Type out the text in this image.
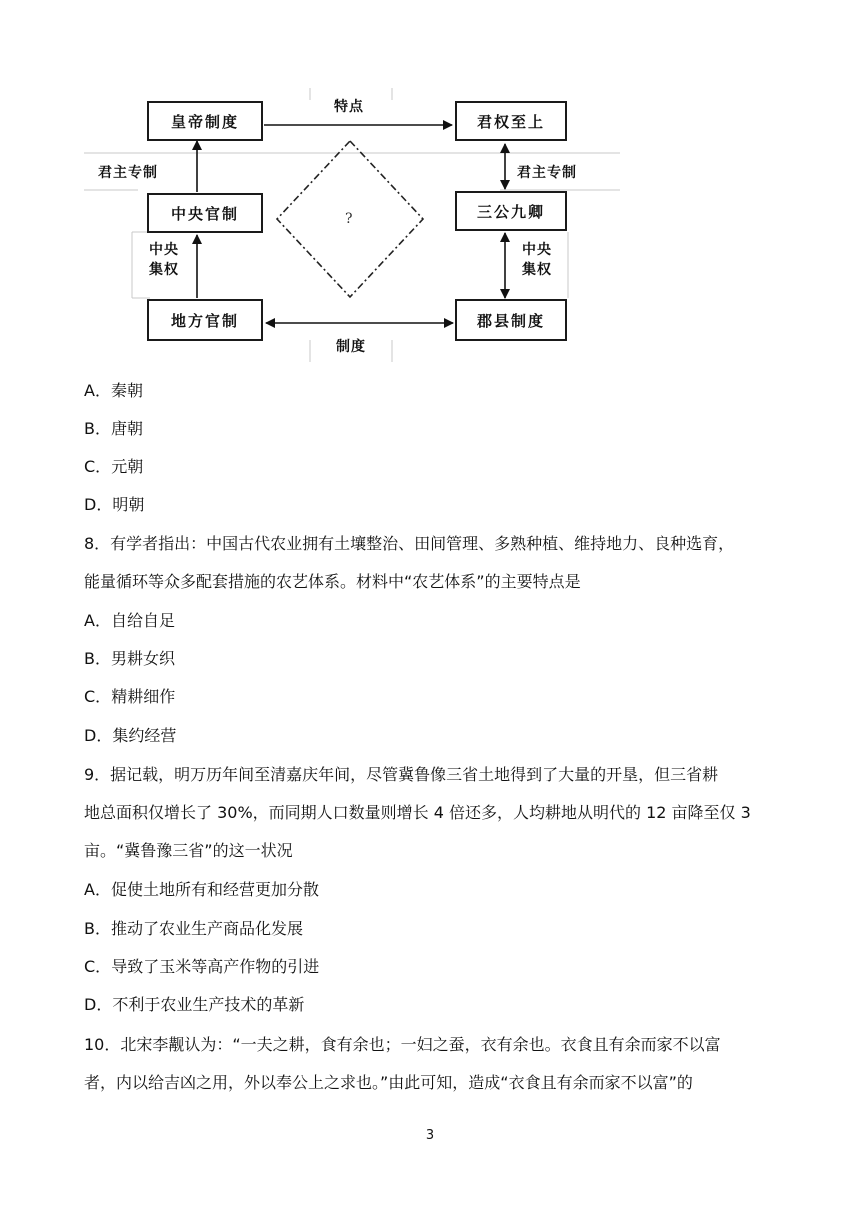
皇帝制度	君权至上
中央官制	三公九卿
地方官制	郡县制度
特点
君主专制	君主专制
中央
集权
中央
集权
制度
?

A．秦朝

B．唐朝

C．元朝

D．明朝

8．有学者指出：中国古代农业拥有土壤整治、田间管理、多熟种植、维持地力、良种选育，

能量循环等众多配套措施的农艺体系。材料中“农艺体系”的主要特点是

A．自给自足

B．男耕女织

C．精耕细作

D．集约经营

9．据记载，明万历年间至清嘉庆年间，尽管冀鲁像三省土地得到了大量的开垦，但三省耕

地总面积仅增长了 30%，而同期人口数量则增长 4 倍还多，人均耕地从明代的 12 亩降至仅 3

亩。“冀鲁豫三省”的这一状况

A．促使土地所有和经营更加分散

B．推动了农业生产商品化发展

C．导致了玉米等高产作物的引进

D．不利于农业生产技术的革新

10．北宋李觏认为：“一夫之耕，食有余也；一妇之蚕，衣有余也。衣食且有余而家不以富

者，内以给吉凶之用，外以奉公上之求也。”由此可知，造成“衣食且有余而家不以富”的

3
